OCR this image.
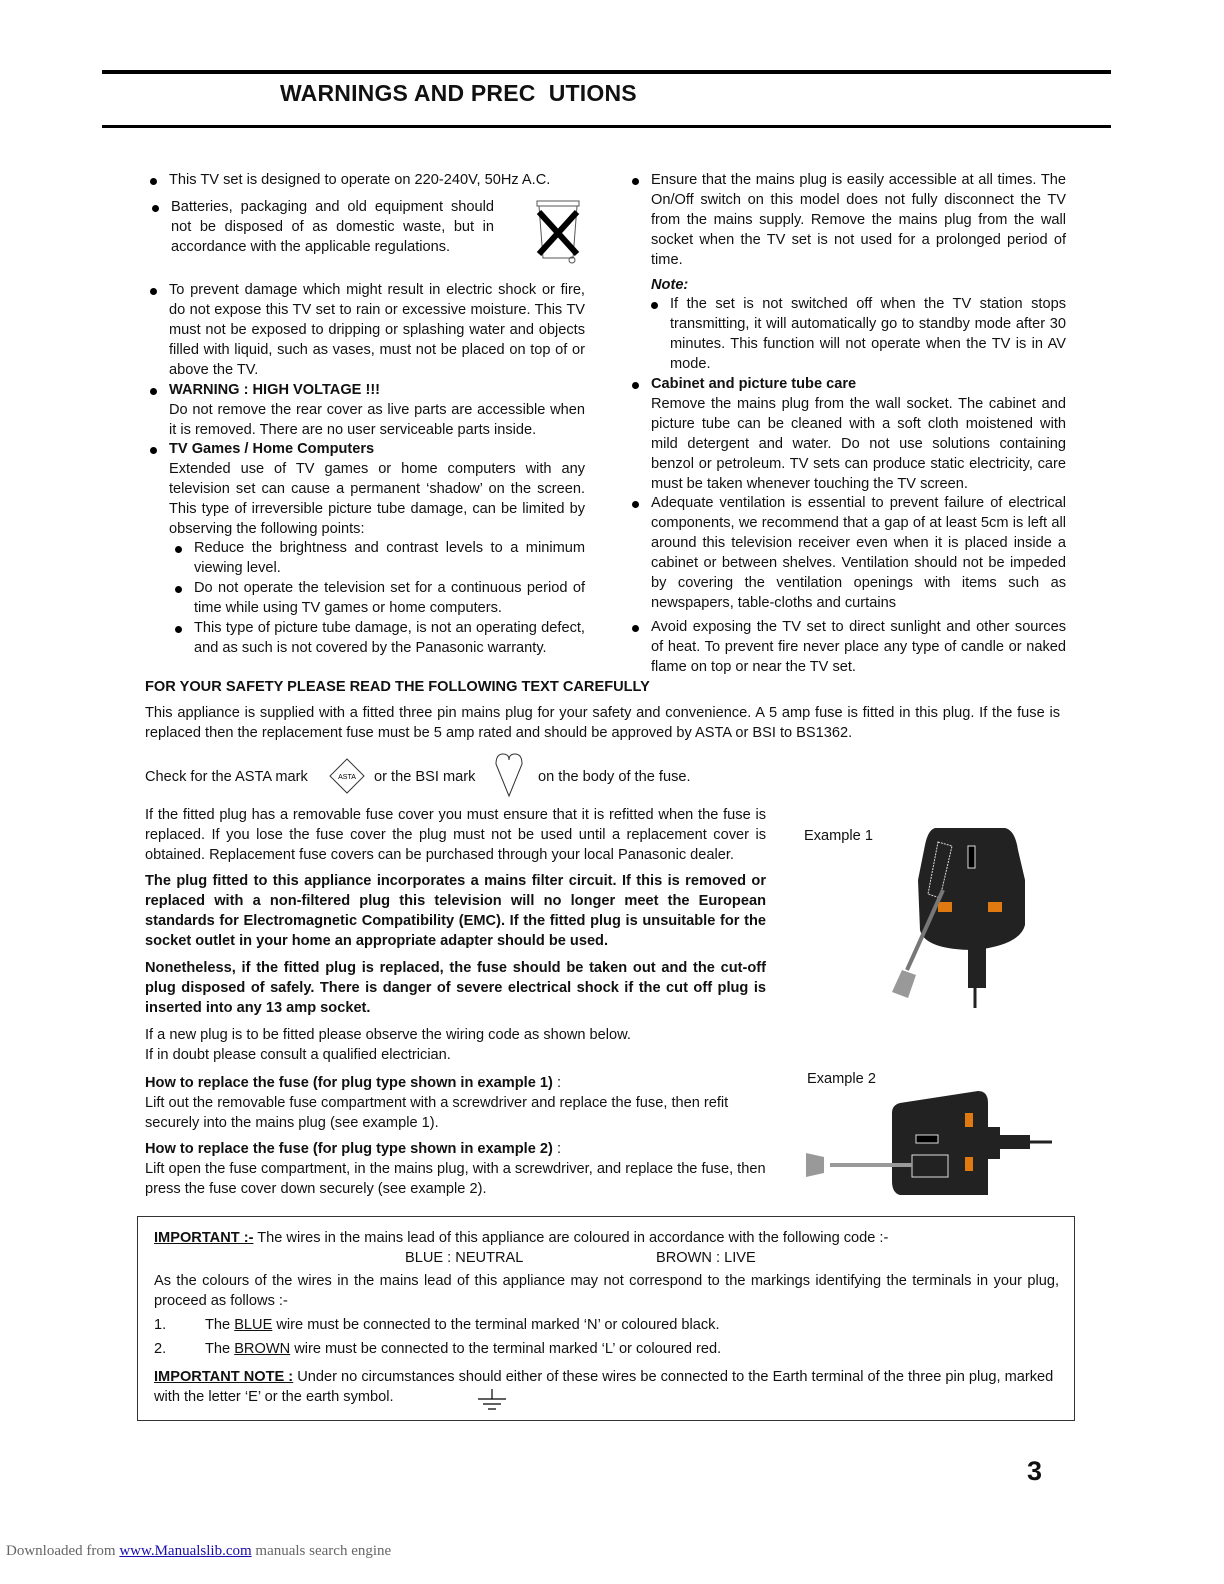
WARNINGS AND PREC  UTIONS
This TV set is designed to operate on 220-240V, 50Hz A.C.
Batteries, packaging and old equipment should not be disposed of as domestic waste, but in accordance with the applicable regulations.
To prevent damage which might result in electric shock or fire, do not expose this TV set to rain or excessive moisture. This TV must not be exposed to dripping or splashing water and objects filled with liquid, such as vases, must not be placed on top of or above the TV.

WARNING : HIGH VOLTAGE !!!

Do not remove the rear cover as live parts are accessible when it is removed. There are no user serviceable parts inside.

TV Games / Home Computers

Extended use of TV games or home computers with any television set can cause a permanent ‘shadow’ on the screen. This type of irreversible picture tube damage, can be limited by observing the following points:

Reduce the brightness and contrast levels to a minimum viewing level.
Do not operate the television set for a continuous period of time while using TV games or home computers.
This type of picture tube damage, is not an operating defect, and as such is not covered by the Panasonic warranty.
Ensure that the mains plug is easily accessible at all times. The On/Off switch on this model does not fully disconnect the TV from the mains supply. Remove the mains plug from the wall socket when the TV set is not used for a prolonged period of time.

Note:

If the set is not switched off when the TV station stops transmitting, it will automatically go to standby mode after 30 minutes. This function will not operate when the TV is in AV mode.

Cabinet and picture tube care

Remove the mains plug from the wall socket. The cabinet and picture tube can be cleaned with a soft cloth moistened with mild detergent and water. Do not use solutions containing benzol or petroleum. TV sets can produce static electricity, care must be taken whenever touching the TV screen.

Adequate ventilation is essential to prevent failure of electrical components, we recommend that a gap of at least 5cm is left all around this television receiver even when it is placed inside a cabinet or between shelves. Ventilation should not be impeded by covering the ventilation openings with items such as newspapers, table-cloths and curtains
Avoid exposing the TV set to direct sunlight and other sources of heat. To prevent fire never place any type of candle or naked flame on top or near the TV set.

FOR YOUR SAFETY PLEASE READ THE FOLLOWING TEXT CAREFULLY

This appliance is supplied with a fitted three pin mains plug for your safety and convenience. A 5 amp fuse is fitted in this plug. If the fuse is replaced then the replacement fuse must be 5 amp rated and should be approved by ASTA or BSI to BS1362.

Check for the ASTA mark	ASTA or the BSI mark	on the body of the fuse.

If the fitted plug has a removable fuse cover you must ensure that it is refitted when the fuse is replaced. If you lose the fuse cover the plug must not be used until a replacement cover is obtained. Replacement fuse covers can be purchased through your local Panasonic dealer.

The plug fitted to this appliance incorporates a mains filter circuit. If this is removed or replaced with a non-filtered plug this television will no longer meet the European standards for Electromagnetic Compatibility (EMC). If the fitted plug is unsuitable for the socket outlet in your home an appropriate adapter should be used.

Nonetheless, if the fitted plug is replaced, the fuse should be taken out and the cut-off plug disposed of safely. There is danger of severe electrical shock if the cut off plug is inserted into any 13 amp socket.

If a new plug is to be fitted please observe the wiring code as shown below.

If in doubt please consult a qualified electrician.

How to replace the fuse (for plug type shown in example 1) :
Lift out the removable fuse compartment with a screwdriver and replace the fuse, then refit securely into the mains plug (see example 1).
How to replace the fuse (for plug type shown in example 2) :
Lift open the fuse compartment, in the mains plug, with a screwdriver, and replace the fuse, then press the fuse cover down securely (see example 2).

Example 1

Example 2

IMPORTANT :- The wires in the mains lead of this appliance are coloured in accordance with the following code :-
BLUE : NEUTRAL	BROWN : LIVE

As the colours of the wires in the mains lead of this appliance may not correspond to the markings identifying the terminals in your plug, proceed as follows :-

1.	The BLUE wire must be connected to the terminal marked ‘N’ or coloured black.
2.	The BROWN wire must be connected to the terminal marked ‘L’ or coloured red.
IMPORTANT NOTE : Under no circumstances should either of these wires be connected to the Earth terminal of the three pin plug, marked with the letter ‘E’ or the earth symbol.
3
Downloaded from www.Manualslib.com manuals search engine
